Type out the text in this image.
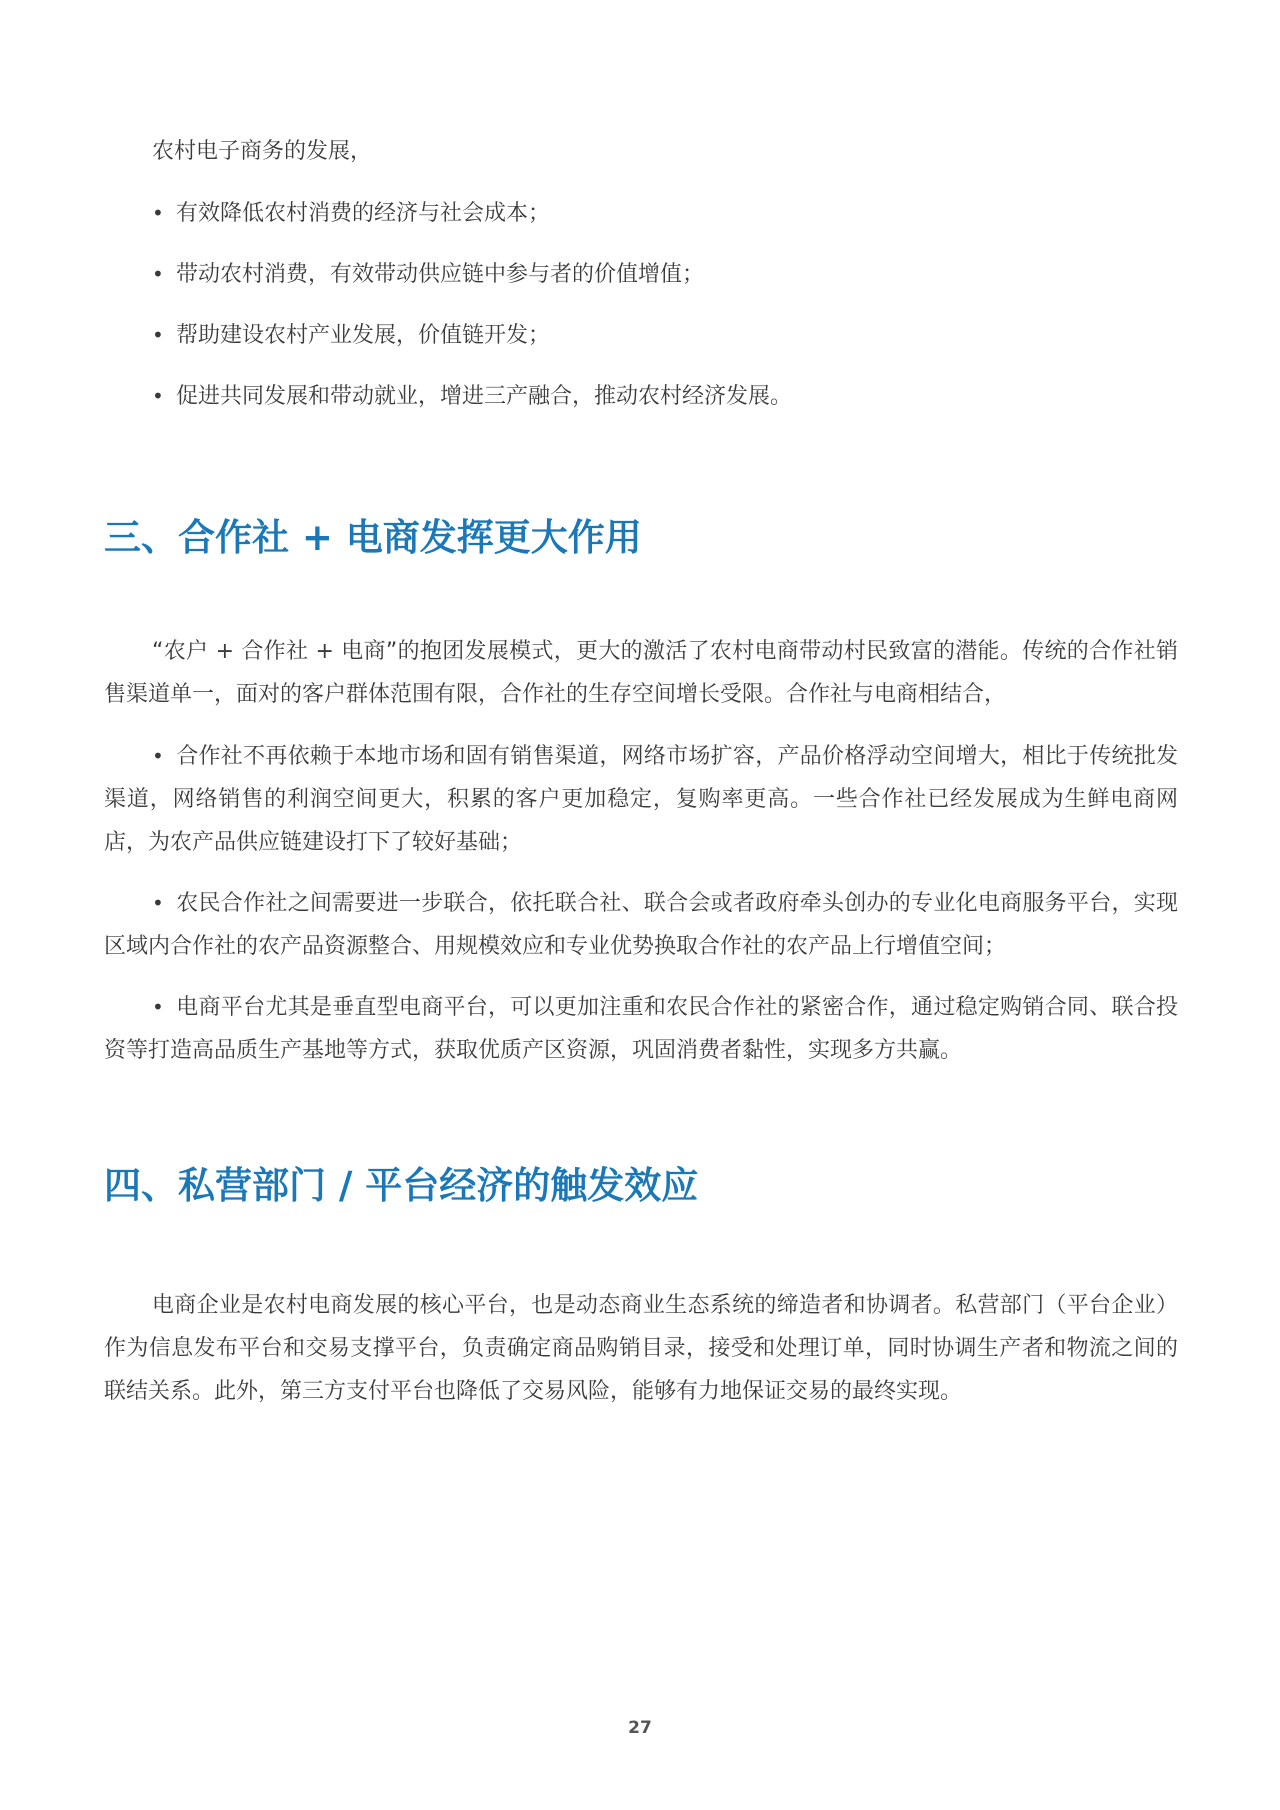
农村电子商务的发展，

• 有效降低农村消费的经济与社会成本；
• 带动农村消费，有效带动供应链中参与者的价值增值；
• 帮助建设农村产业发展，价值链开发；
• 促进共同发展和带动就业，增进三产融合，推动农村经济发展。
三、合作社 + 电商发挥更大作用

“农户 + 合作社 + 电商”的抱团发展模式，更大的激活了农村电商带动村民致富的潜能。传统的合作社销售渠道单一，面对的客户群体范围有限，合作社的生存空间增长受限。合作社与电商相结合，

• 合作社不再依赖于本地市场和固有销售渠道，网络市场扩容，产品价格浮动空间增大，相比于传统批发渠道，网络销售的利润空间更大，积累的客户更加稳定，复购率更高。一些合作社已经发展成为生鲜电商网店，为农产品供应链建设打下了较好基础；

• 农民合作社之间需要进一步联合，依托联合社、联合会或者政府牵头创办的专业化电商服务平台，实现区域内合作社的农产品资源整合、用规模效应和专业优势换取合作社的农产品上行增值空间；

• 电商平台尤其是垂直型电商平台，可以更加注重和农民合作社的紧密合作，通过稳定购销合同、联合投资等打造高品质生产基地等方式，获取优质产区资源，巩固消费者黏性，实现多方共赢。

四、私营部门 / 平台经济的触发效应

电商企业是农村电商发展的核心平台，也是动态商业生态系统的缔造者和协调者。私营部门（平台企业）作为信息发布平台和交易支撑平台，负责确定商品购销目录，接受和处理订单，同时协调生产者和物流之间的联结关系。此外，第三方支付平台也降低了交易风险，能够有力地保证交易的最终实现。

27
